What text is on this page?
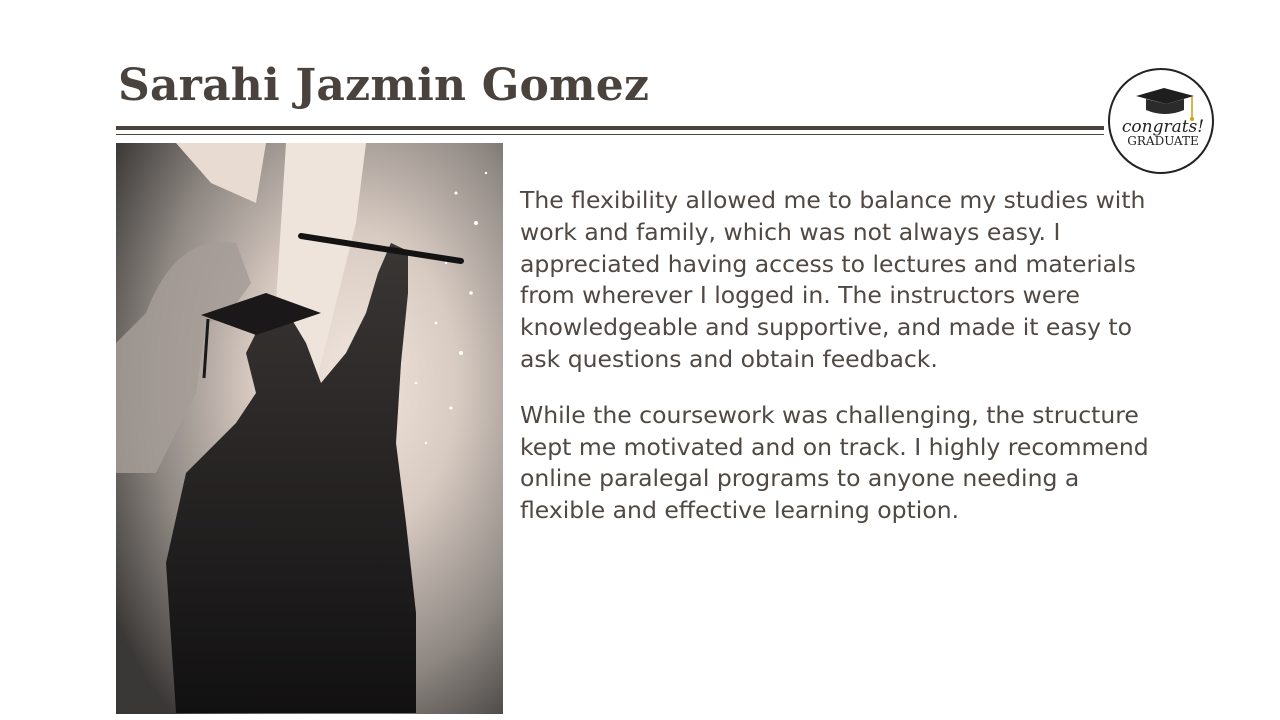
Sarahi Jazmin Gomez
congrats!
GRADUATE

The flexibility allowed me to balance my studies with work and family, which was not always easy. I appreciated having access to lectures and materials from wherever I logged in. The instructors were knowledgeable and supportive, and made it easy to ask questions and obtain feedback.

While the coursework was challenging, the structure kept me motivated and on track. I highly recommend online paralegal programs to anyone needing a flexible and effective learning option.
